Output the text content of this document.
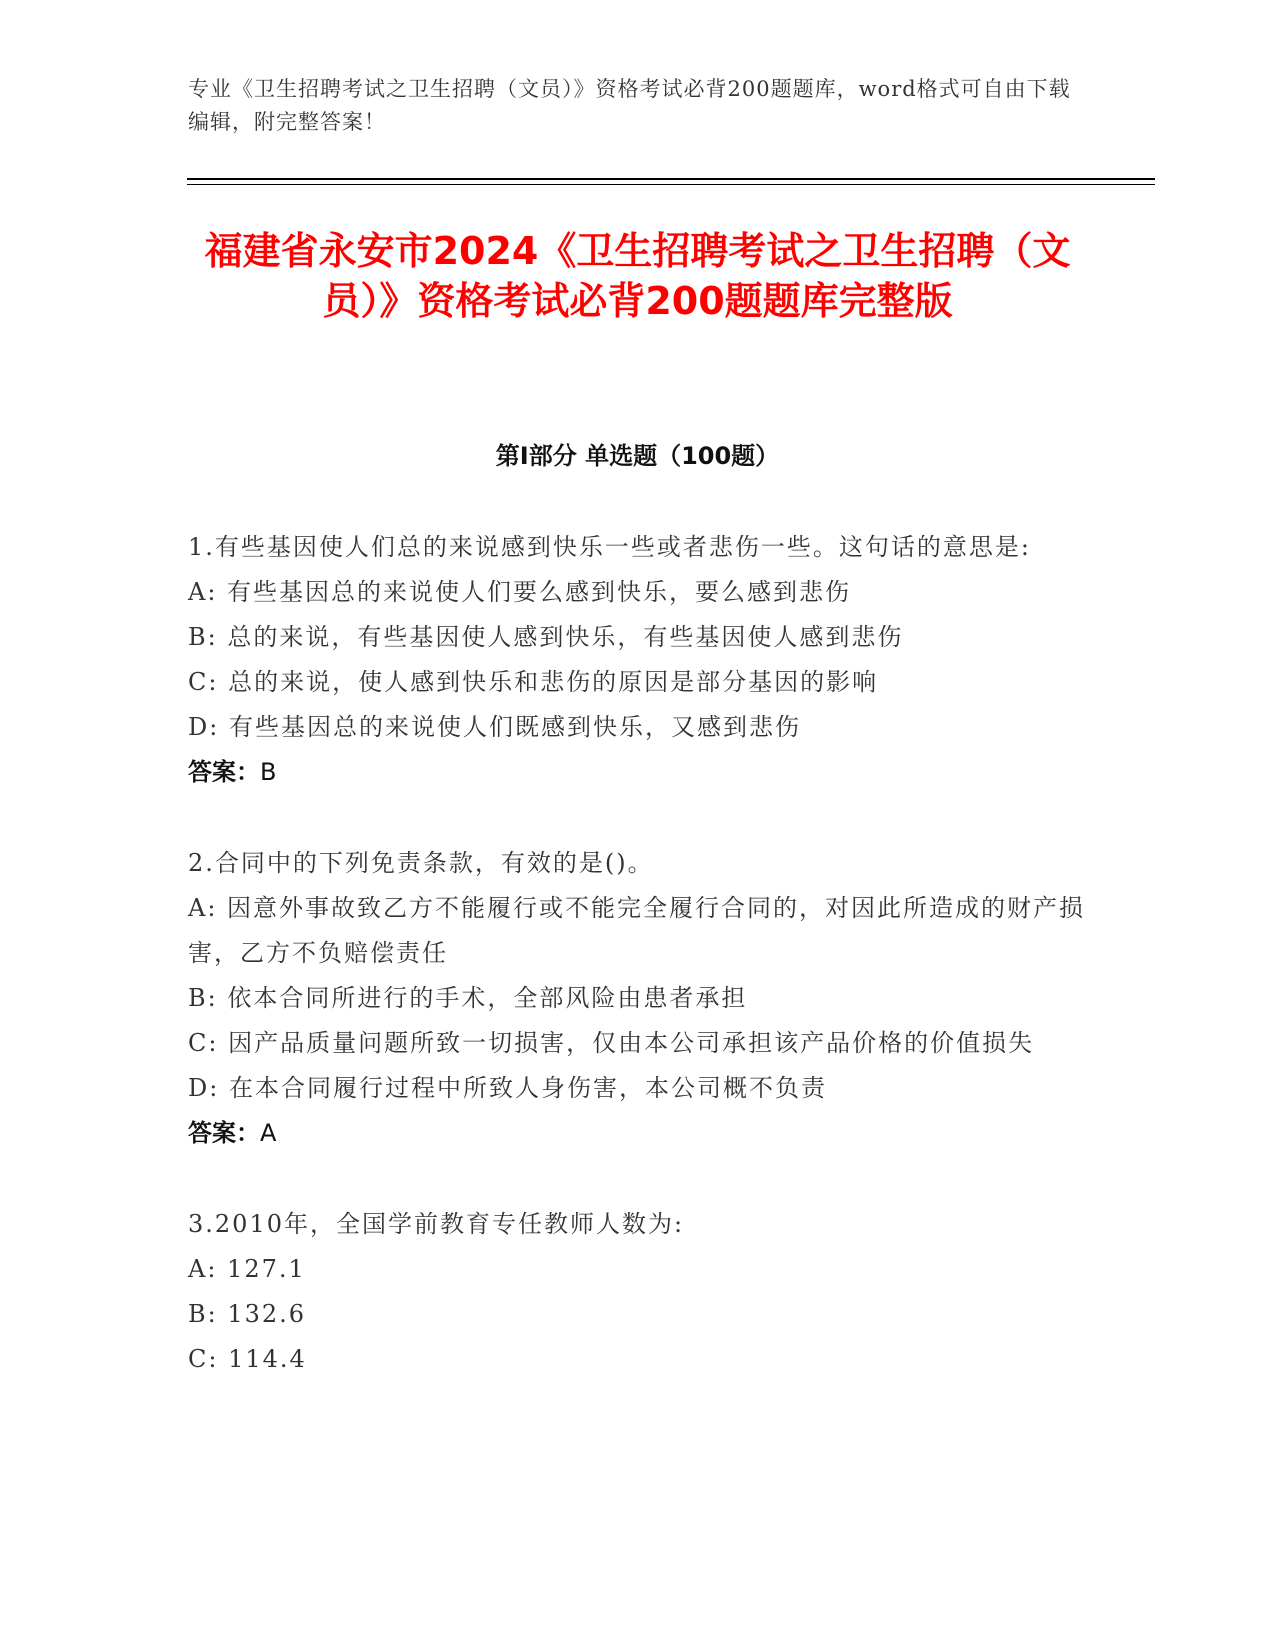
专业《卫生招聘考试之卫生招聘（文员）》资格考试必背200题题库，word格式可自由下载编辑，附完整答案！
福建省永安市2024《卫生招聘考试之卫生招聘（文员）》资格考试必背200题题库完整版
第I部分 单选题（100题）

1.有些基因使人们总的来说感到快乐一些或者悲伤一些。这句话的意思是:

A: 有些基因总的来说使人们要么感到快乐，要么感到悲伤

B: 总的来说，有些基因使人感到快乐，有些基因使人感到悲伤

C: 总的来说，使人感到快乐和悲伤的原因是部分基因的影响

D: 有些基因总的来说使人们既感到快乐，又感到悲伤

答案：B

2.合同中的下列免责条款，有效的是()。

A: 因意外事故致乙方不能履行或不能完全履行合同的，对因此所造成的财产损害，乙方不负赔偿责任

B: 依本合同所进行的手术，全部风险由患者承担

C: 因产品质量问题所致一切损害，仅由本公司承担该产品价格的价值损失

D: 在本合同履行过程中所致人身伤害，本公司概不负责

答案：A

3.2010年，全国学前教育专任教师人数为:

A: 127.1

B: 132.6

C: 114.4
